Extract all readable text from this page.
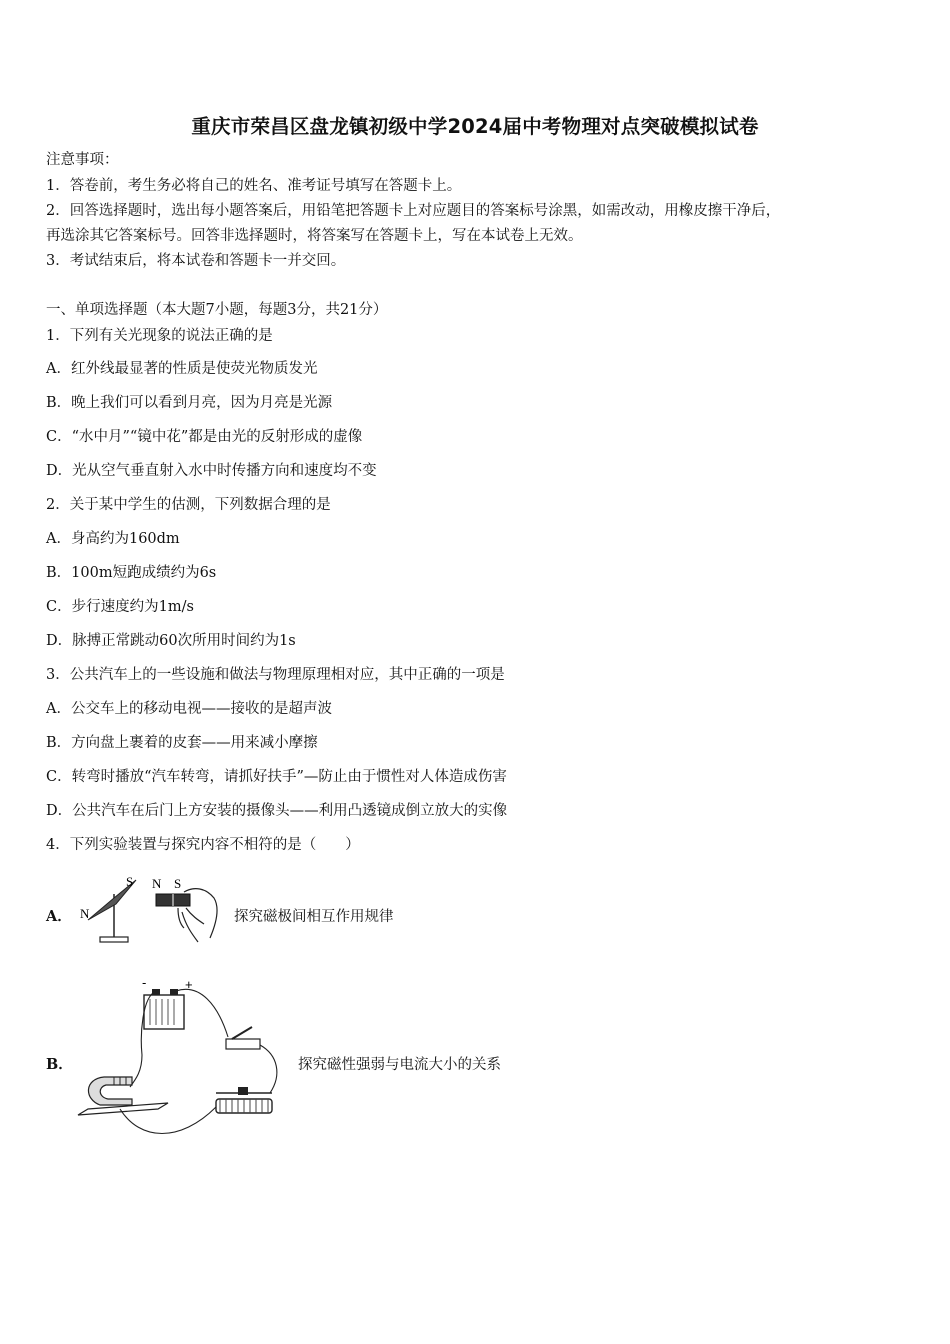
重庆市荣昌区盘龙镇初级中学2024届中考物理对点突破模拟试卷
注意事项：
1．答卷前，考生务必将自己的姓名、准考证号填写在答题卡上。
2．回答选择题时，选出每小题答案后，用铅笔把答题卡上对应题目的答案标号涂黑，如需改动，用橡皮擦干净后，
再选涂其它答案标号。回答非选择题时，将答案写在答题卡上，写在本试卷上无效。
3．考试结束后，将本试卷和答题卡一并交回。
一、单项选择题（本大题7小题，每题3分，共21分）
1．下列有关光现象的说法正确的是
A．红外线最显著的性质是使荧光物质发光
B．晚上我们可以看到月亮，因为月亮是光源
C．“水中月”“镜中花”都是由光的反射形成的虚像
D．光从空气垂直射入水中时传播方向和速度均不变
2．关于某中学生的估测，下列数据合理的是
A．身高约为160dm
B．100m短跑成绩约为6s
C．步行速度约为1m/s
D．脉搏正常跳动60次所用时间约为1s
3．公共汽车上的一些设施和做法与物理原理相对应，其中正确的一项是
A．公交车上的移动电视——接收的是超声波
B．方向盘上裹着的皮套——用来减小摩擦
C．转弯时播放“汽车转弯，请抓好扶手”—防止由于惯性对人体造成伤害
D．公共汽车在后门上方安装的摄像头——利用凸透镜成倒立放大的实像
4．下列实验装置与探究内容不相符的是（　　）
A． N
S N S
探究磁极间相互作用规律
B．
-	+
探究磁性强弱与电流大小的关系
